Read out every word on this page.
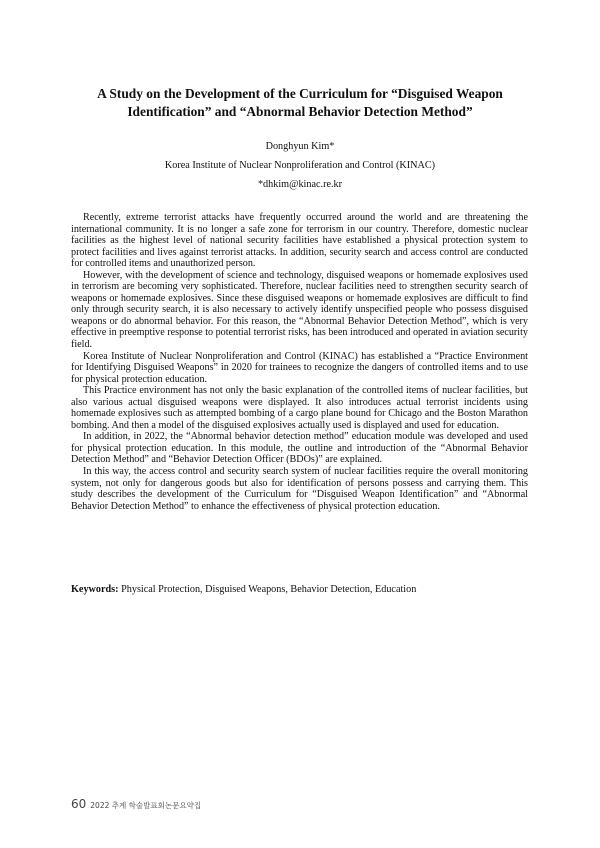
A Study on the Development of the Curriculum for “Disguised Weapon
Identification” and “Abnormal Behavior Detection Method”
Donghyun Kim*
Korea Institute of Nuclear Nonproliferation and Control (KINAC)
*dhkim@kinac.re.kr

Recently, extreme terrorist attacks have frequently occurred around the world and are threatening the international community. It is no longer a safe zone for terrorism in our country. Therefore, domestic nuclear facilities as the highest level of national security facilities have established a physical protection system to protect facilities and lives against terrorist attacks. In addition, security search and access control are conducted for controlled items and unauthorized person.

However, with the development of science and technology, disguised weapons or homemade explosives used in terrorism are becoming very sophisticated. Therefore, nuclear facilities need to strengthen security search of weapons or homemade explosives. Since these disguised weapons or homemade explosives are difficult to find only through security search, it is also necessary to actively identify unspecified people who possess disguised weapons or do abnormal behavior. For this reason, the “Abnormal Behavior Detection Method”, which is very effective in preemptive response to potential terrorist risks, has been introduced and operated in aviation security field.

Korea Institute of Nuclear Nonproliferation and Control (KINAC) has established a “Practice Environment for Identifying Disguised Weapons” in 2020 for trainees to recognize the dangers of controlled items and to use for physical protection education.

This Practice environment has not only the basic explanation of the controlled items of nuclear facilities, but also various actual disguised weapons were displayed. It also introduces actual terrorist incidents using homemade explosives such as attempted bombing of a cargo plane bound for Chicago and the Boston Marathon bombing. And then a model of the disguised explosives actually used is displayed and used for education.

In addition, in 2022, the “Abnormal behavior detection method” education module was developed and used for physical protection education. In this module, the outline and introduction of the “Abnormal Behavior Detection Method” and “Behavior Detection Officer (BDOs)” are explained.

In this way, the access control and security search system of nuclear facilities require the overall monitoring system, not only for dangerous goods but also for identification of persons possess and carrying them. This study describes the development of the Curriculum for “Disguised Weapon Identification” and “Abnormal Behavior Detection Method” to enhance the effectiveness of physical protection education.

Keywords: Physical Protection, Disguised Weapons, Behavior Detection, Education
60 2022 추계 학술발표회논문요약집
